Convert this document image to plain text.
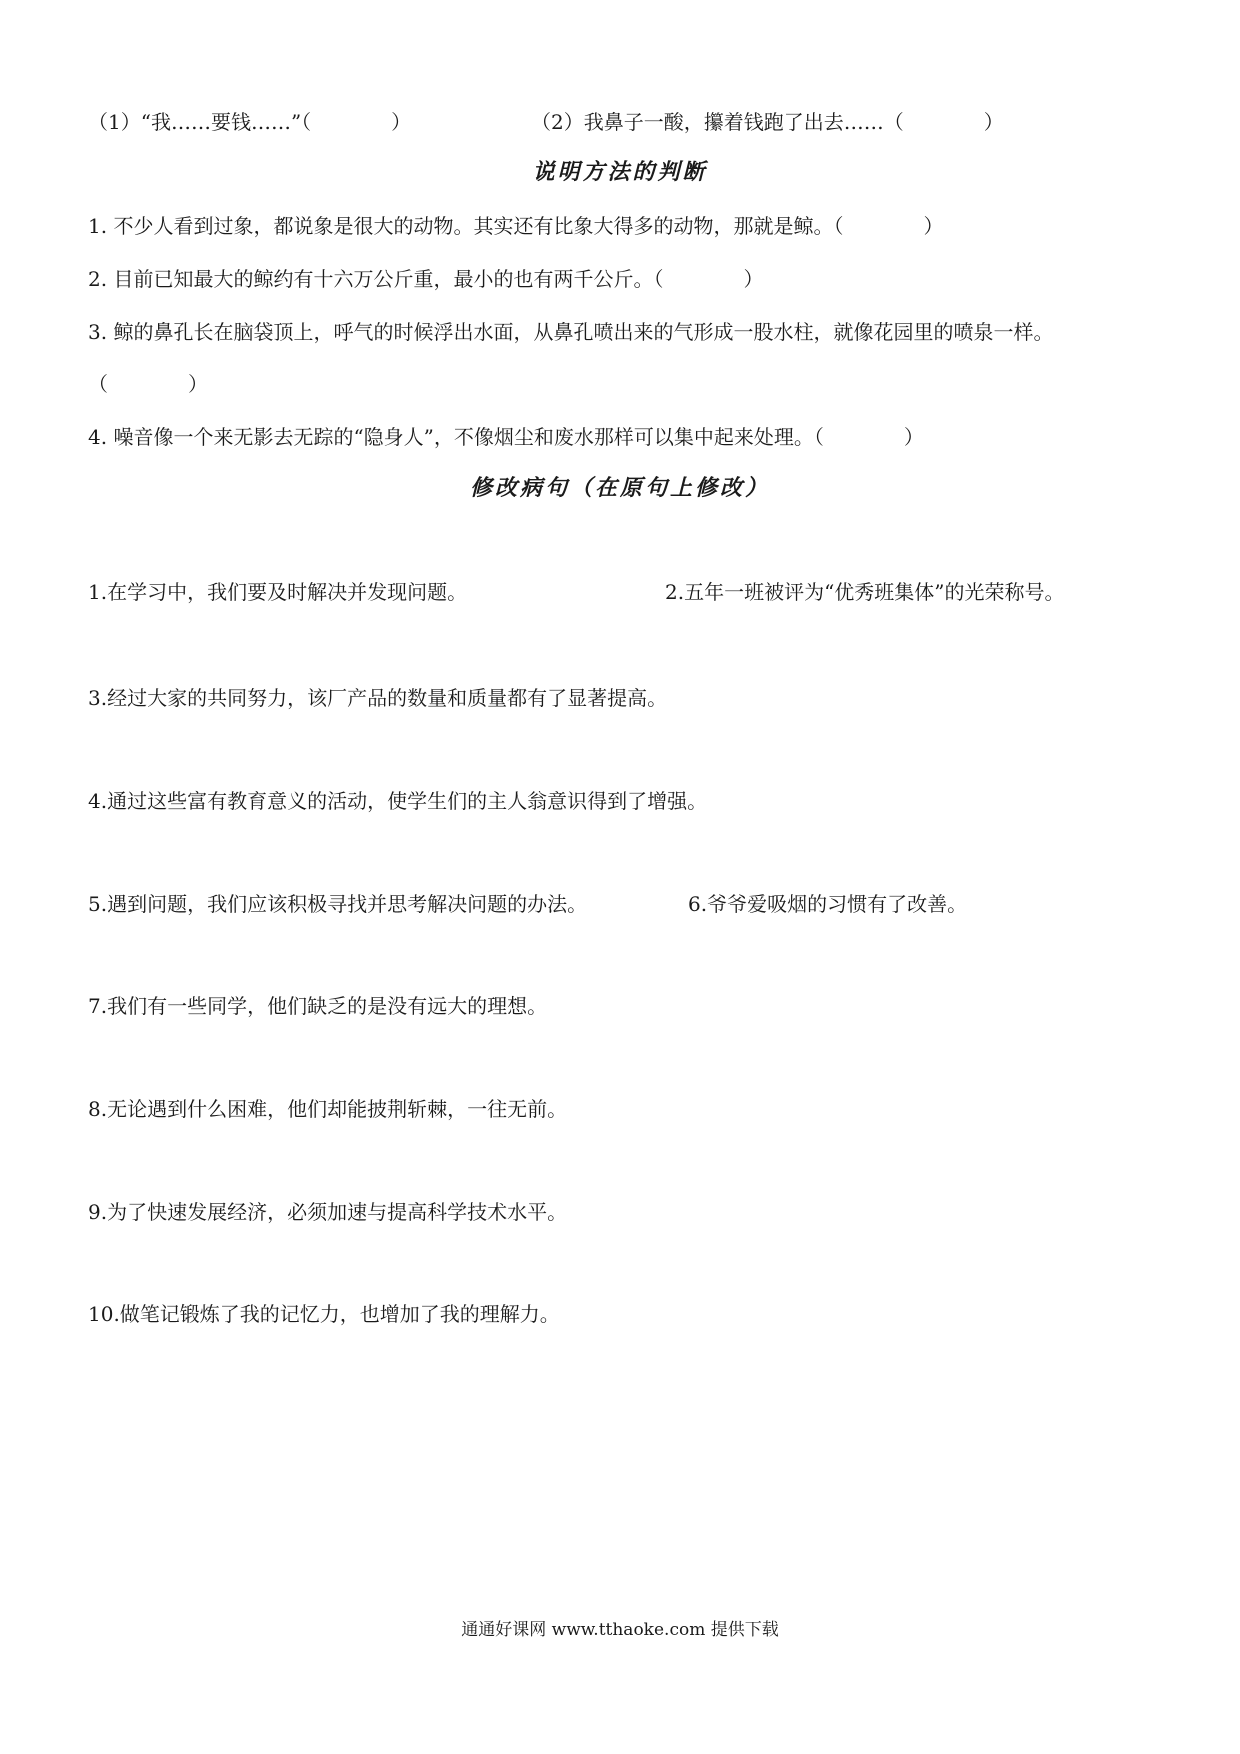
（1）“我……要钱……”（　　　　）	（2）我鼻子一酸，攥着钱跑了出去……（　　　　）
说明方法的判断
1. 不少人看到过象，都说象是很大的动物。其实还有比象大得多的动物，那就是鲸。（　　　　）
2. 目前已知最大的鲸约有十六万公斤重，最小的也有两千公斤。（　　　　）
3. 鲸的鼻孔长在脑袋顶上，呼气的时候浮出水面，从鼻孔喷出来的气形成一股水柱，就像花园里的喷泉一样。
（　　　　）
4. 噪音像一个来无影去无踪的“隐身人”，不像烟尘和废水那样可以集中起来处理。（　　　　）
修改病句（在原句上修改）
1.在学习中，我们要及时解决并发现问题。	2.五年一班被评为“优秀班集体”的光荣称号。
3.经过大家的共同努力，该厂产品的数量和质量都有了显著提高。
4.通过这些富有教育意义的活动，使学生们的主人翁意识得到了增强。
5.遇到问题，我们应该积极寻找并思考解决问题的办法。	6.爷爷爱吸烟的习惯有了改善。
7.我们有一些同学，他们缺乏的是没有远大的理想。
8.无论遇到什么困难，他们却能披荆斩棘，一往无前。
9.为了快速发展经济，必须加速与提高科学技术水平。
10.做笔记锻炼了我的记忆力，也增加了我的理解力。
通通好课网 www.tthaoke.com 提供下载
